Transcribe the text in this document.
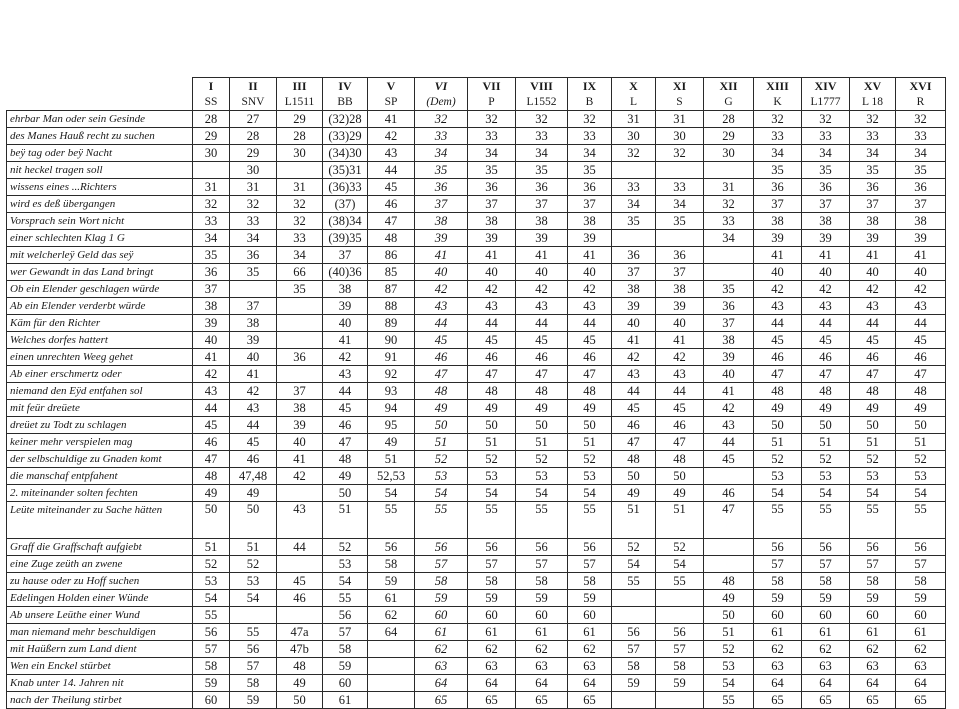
	I	II	III	IV	V	VI	VII	VIII	IX	X	XI	XII	XIII	XIV	XV	XVI
	SS	SNV	L1511	BB	SP	(Dem)	P	L1552	B	L	S	G	K	L1777	L 18	R
ehrbar Man oder sein Gesinde	28	27	29	(32)28	41	32	32	32	32	31	31	28	32	32	32	32
des Manes Hauß recht zu suchen	29	28	28	(33)29	42	33	33	33	33	30	30	29	33	33	33	33
beÿ tag oder beÿ Nacht	30	29	30	(34)30	43	34	34	34	34	32	32	30	34	34	34	34
nit heckel tragen soll		30		(35)31	44	35	35	35	35				35	35	35	35
wissens eines ...Richters	31	31	31	(36)33	45	36	36	36	36	33	33	31	36	36	36	36
wird es deß übergangen	32	32	32	(37)	46	37	37	37	37	34	34	32	37	37	37	37
Vorsprach sein Wort nicht	33	33	32	(38)34	47	38	38	38	38	35	35	33	38	38	38	38
einer schlechten Klag 1 G	34	34	33	(39)35	48	39	39	39	39			34	39	39	39	39
mit welcherleÿ Geld das seÿ	35	36	34	37	86	41	41	41	41	36	36		41	41	41	41
wer Gewandt in das Land bringt	36	35	66	(40)36	85	40	40	40	40	37	37		40	40	40	40
Ob ein Elender geschlagen würde	37		35	38	87	42	42	42	42	38	38	35	42	42	42	42
Ab ein Elender verderbt würde	38	37		39	88	43	43	43	43	39	39	36	43	43	43	43
Käm für den Richter	39	38		40	89	44	44	44	44	40	40	37	44	44	44	44
Welches dorfes hattert	40	39		41	90	45	45	45	45	41	41	38	45	45	45	45
einen unrechten Weeg gehet	41	40	36	42	91	46	46	46	46	42	42	39	46	46	46	46
Ab einer erschmertz oder	42	41		43	92	47	47	47	47	43	43	40	47	47	47	47
niemand den Eÿd entfahen sol	43	42	37	44	93	48	48	48	48	44	44	41	48	48	48	48
mit feür dreüete	44	43	38	45	94	49	49	49	49	45	45	42	49	49	49	49
dreüet zu Todt zu schlagen	45	44	39	46	95	50	50	50	50	46	46	43	50	50	50	50
keiner mehr verspielen mag	46	45	40	47	49	51	51	51	51	47	47	44	51	51	51	51
der selbschuldige zu Gnaden komt	47	46	41	48	51	52	52	52	52	48	48	45	52	52	52	52
die manschaf entpfahent	48	47,48	42	49	52,53	53	53	53	53	50	50		53	53	53	53
2. miteinander solten fechten	49	49		50	54	54	54	54	54	49	49	46	54	54	54	54
Leüte miteinander zu Sache hätten	50	50	43	51	55	55	55	55	55	51	51	47	55	55	55	55
Graff die Graffschaft aufgiebt	51	51	44	52	56	56	56	56	56	52	52		56	56	56	56
eine Zuge zeüth an zwene	52	52		53	58	57	57	57	57	54	54		57	57	57	57
zu hause oder zu Hoff suchen	53	53	45	54	59	58	58	58	58	55	55	48	58	58	58	58
Edelingen Holden einer Wünde	54	54	46	55	61	59	59	59	59			49	59	59	59	59
Ab unsere Leüthe einer Wund	55			56	62	60	60	60	60			50	60	60	60	60
man niemand mehr beschuldigen	56	55	47a	57	64	61	61	61	61	56	56	51	61	61	61	61
mit Haüßern zum Land dient	57	56	47b	58		62	62	62	62	57	57	52	62	62	62	62
Wen ein Enckel stürbet	58	57	48	59		63	63	63	63	58	58	53	63	63	63	63
Knab unter 14. Jahren nit	59	58	49	60		64	64	64	64	59	59	54	64	64	64	64
nach der Theilung stirbet	60	59	50	61		65	65	65	65			55	65	65	65	65
